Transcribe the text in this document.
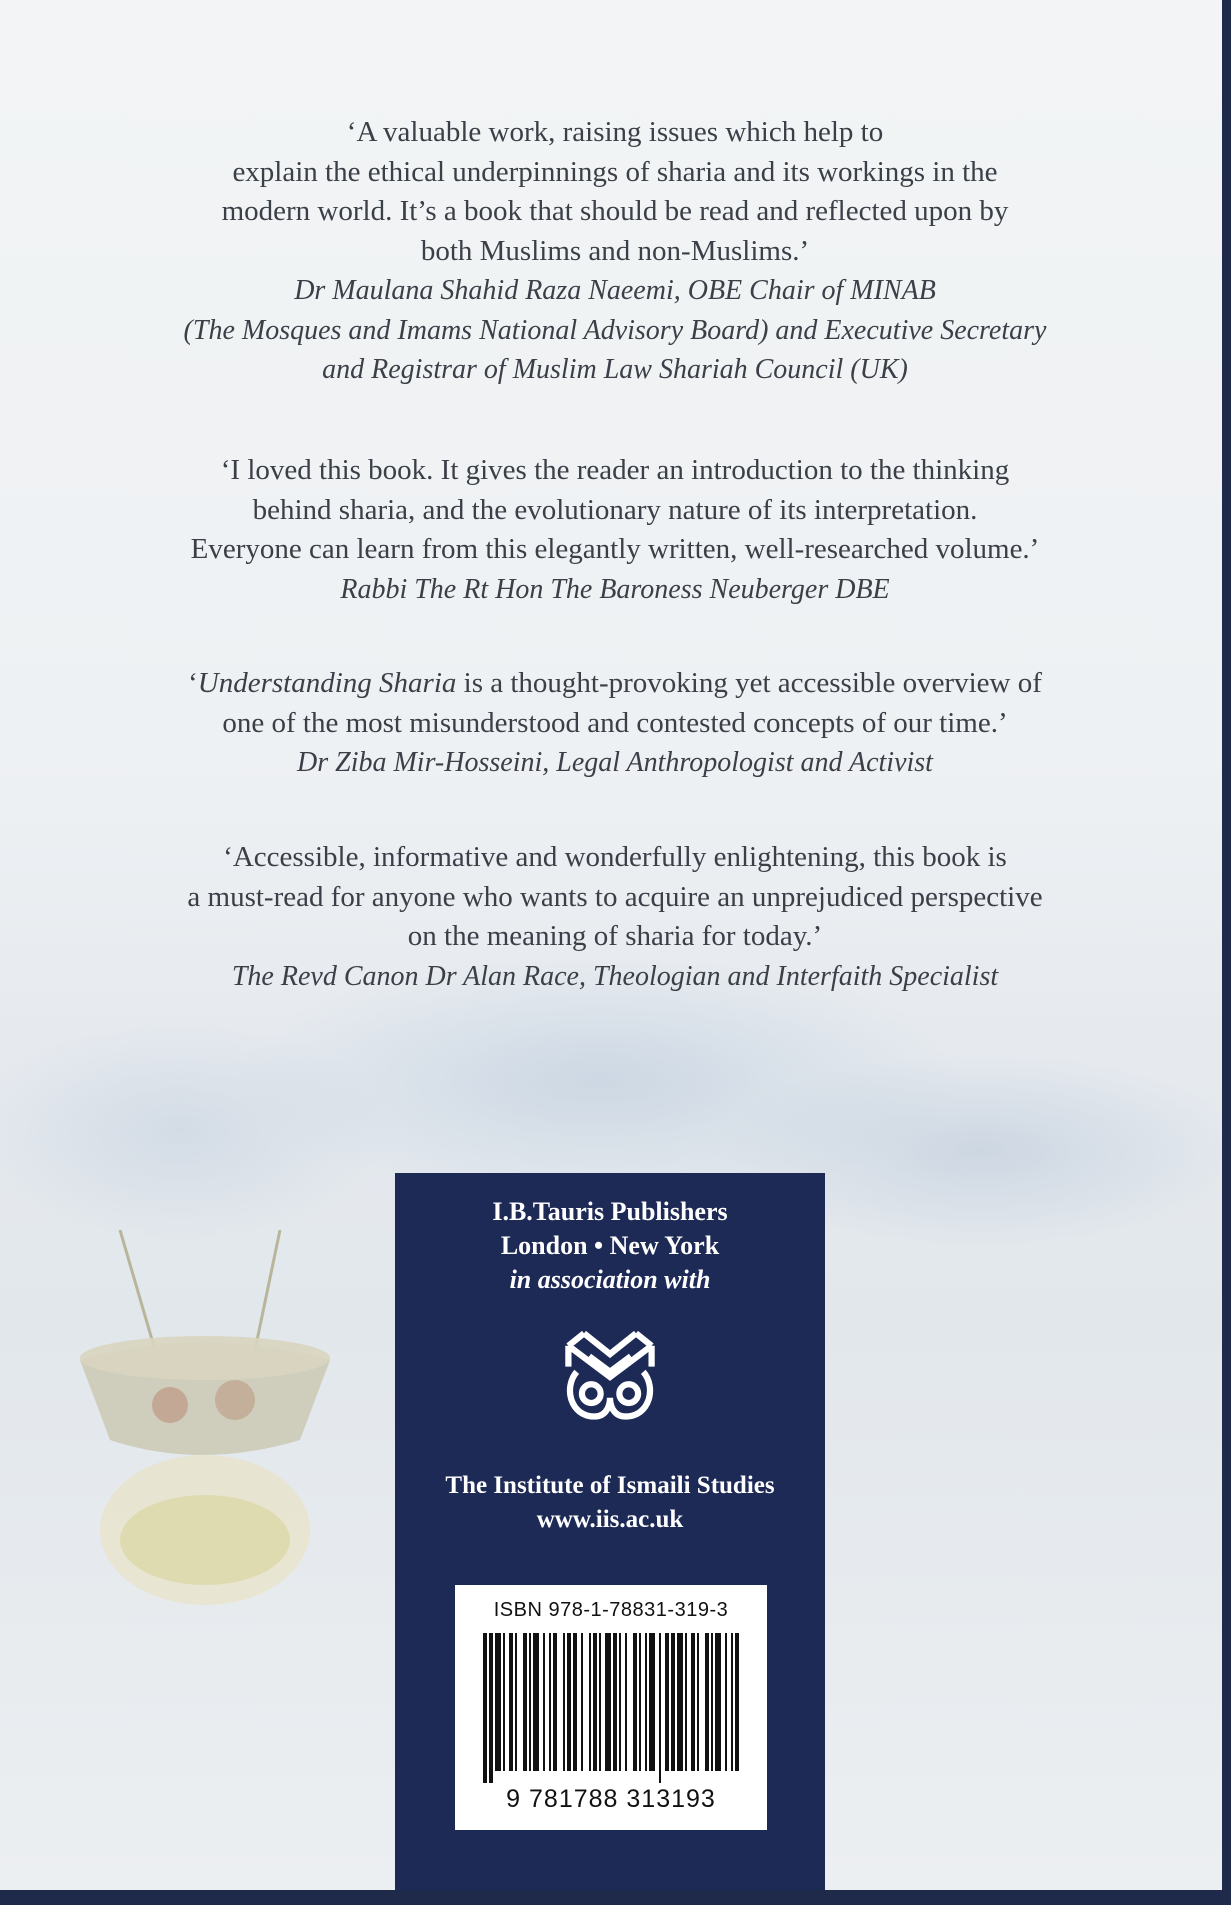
‘A valuable work, raising issues which help to
explain the ethical underpinnings of sharia and its workings in the
modern world. It’s a book that should be read and reflected upon by
both Muslims and non-Muslims.’
Dr Maulana Shahid Raza Naeemi, OBE Chair of MINAB
(The Mosques and Imams National Advisory Board) and Executive Secretary
and Registrar of Muslim Law Shariah Council (UK)
‘I loved this book. It gives the reader an introduction to the thinking
behind sharia, and the evolutionary nature of its interpretation.
Everyone can learn from this elegantly written, well-researched volume.’
Rabbi The Rt Hon The Baroness Neuberger DBE
‘Understanding Sharia is a thought-provoking yet accessible overview of
one of the most misunderstood and contested concepts of our time.’
Dr Ziba Mir-Hosseini, Legal Anthropologist and Activist
‘Accessible, informative and wonderfully enlightening, this book is
a must-read for anyone who wants to acquire an unprejudiced perspective
on the meaning of sharia for today.’
The Revd Canon Dr Alan Race, Theologian and Interfaith Specialist
I.B.Tauris Publishers
London • New York
in association with
The Institute of Ismaili Studies
www.iis.ac.uk
ISBN 978-1-78831-319-3
9 781788 313193
